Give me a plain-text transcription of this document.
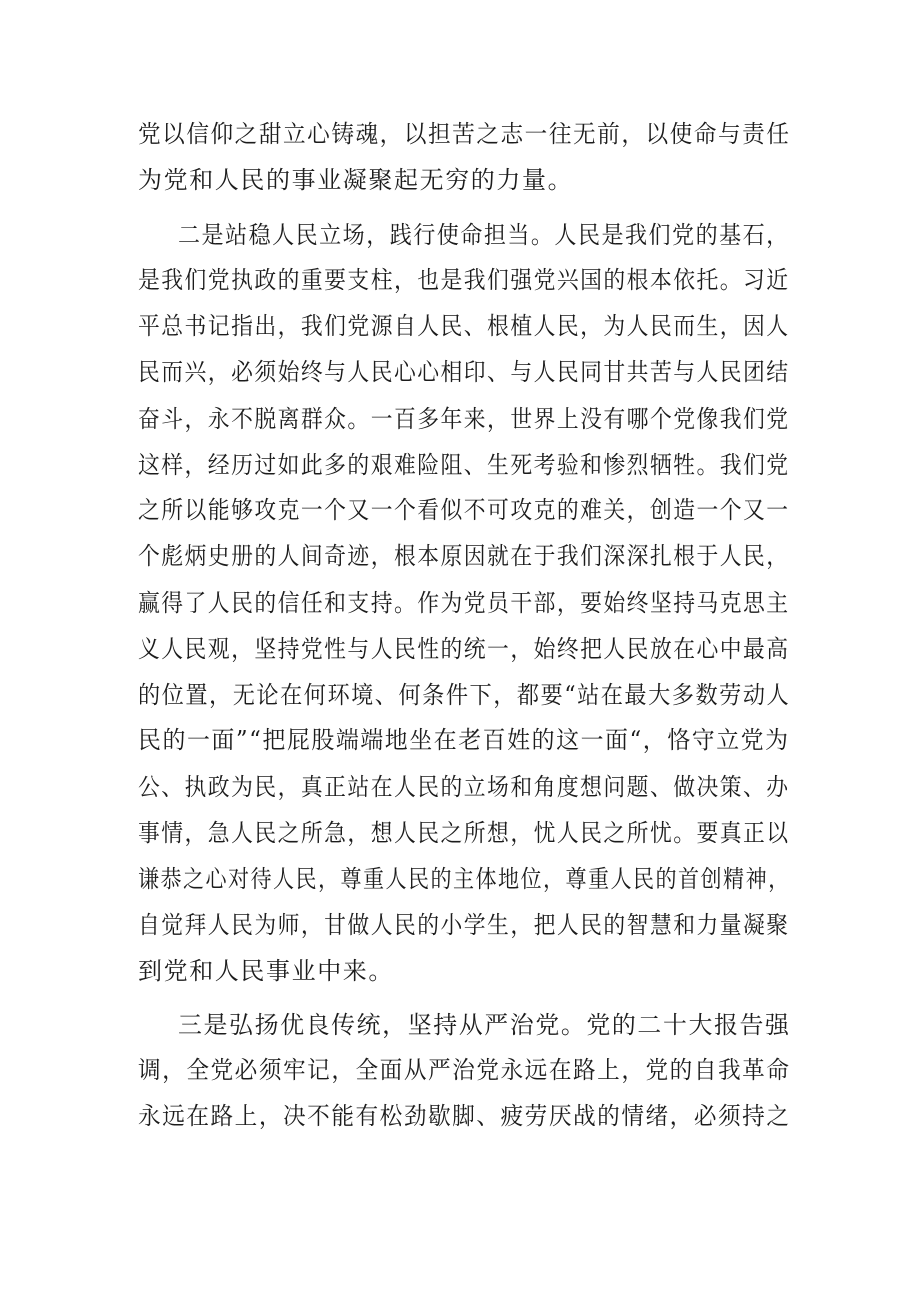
党以信仰之甜立心铸魂，以担苦之志一往无前，以使命与责任
为党和人民的事业凝聚起无穷的力量。
二是站稳人民立场，践行使命担当。人民是我们党的基石，
是我们党执政的重要支柱，也是我们强党兴国的根本依托。习近
平总书记指出，我们党源自人民、根植人民，为人民而生，因人
民而兴，必须始终与人民心心相印、与人民同甘共苦与人民团结
奋斗，永不脱离群众。一百多年来，世界上没有哪个党像我们党
这样，经历过如此多的艰难险阻、生死考验和惨烈牺牲。我们党
之所以能够攻克一个又一个看似不可攻克的难关，创造一个又一
个彪炳史册的人间奇迹，根本原因就在于我们深深扎根于人民，
赢得了人民的信任和支持。作为党员干部，要始终坚持马克思主
义人民观，坚持党性与人民性的统一，始终把人民放在心中最高
的位置，无论在何环境、何条件下，都要“站在最大多数劳动人
民的一面”“把屁股端端地坐在老百姓的这一面“，恪守立党为
公、执政为民，真正站在人民的立场和角度想问题、做决策、办
事情，急人民之所急，想人民之所想，忧人民之所忧。要真正以
谦恭之心对待人民，尊重人民的主体地位，尊重人民的首创精神，
自觉拜人民为师，甘做人民的小学生，把人民的智慧和力量凝聚
到党和人民事业中来。
三是弘扬优良传统，坚持从严治党。党的二十大报告强
调，全党必须牢记，全面从严治党永远在路上，党的自我革命
永远在路上，决不能有松劲歇脚、疲劳厌战的情绪，必须持之
